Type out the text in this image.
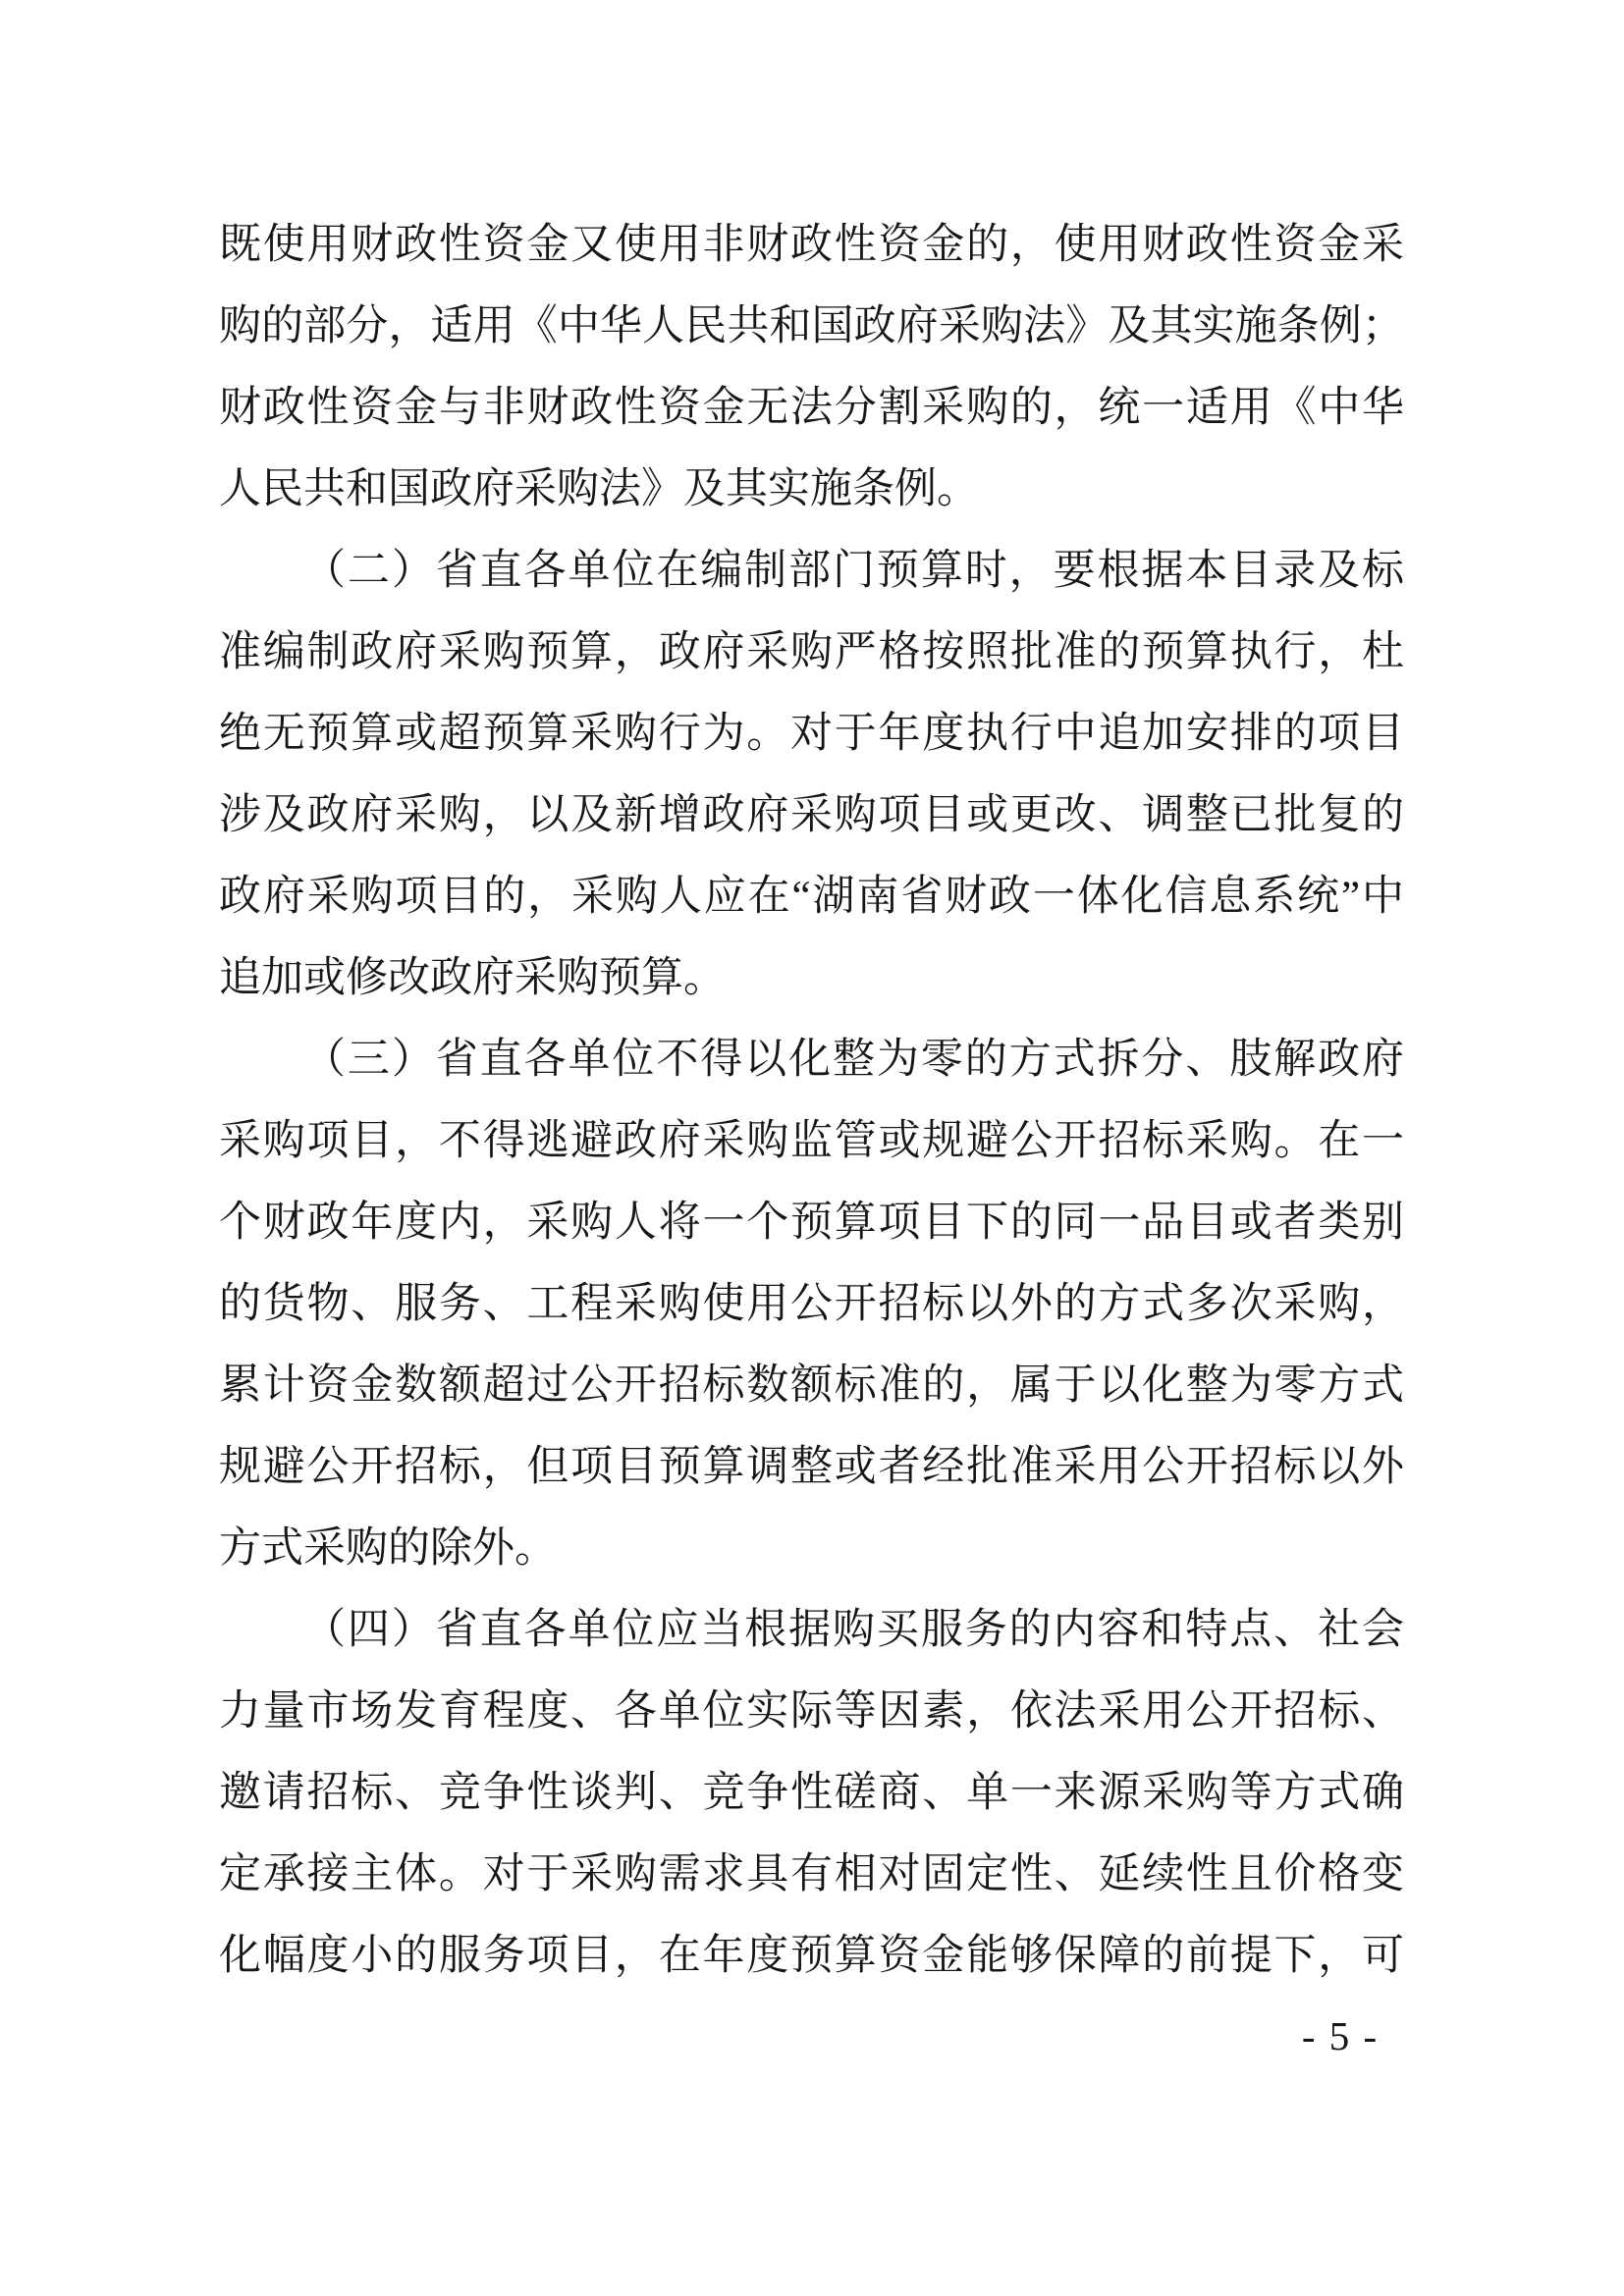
既使用财政性资金又使用非财政性资金的，使用财政性资金采
购的部分，适用《中华人民共和国政府采购法》及其实施条例；
财政性资金与非财政性资金无法分割采购的，统一适用《中华
人民共和国政府采购法》及其实施条例。
（二）省直各单位在编制部门预算时，要根据本目录及标
准编制政府采购预算，政府采购严格按照批准的预算执行，杜
绝无预算或超预算采购行为。对于年度执行中追加安排的项目
涉及政府采购，以及新增政府采购项目或更改、调整已批复的
政府采购项目的，采购人应在“湖南省财政一体化信息系统”中
追加或修改政府采购预算。
（三）省直各单位不得以化整为零的方式拆分、肢解政府
采购项目，不得逃避政府采购监管或规避公开招标采购。在一
个财政年度内，采购人将一个预算项目下的同一品目或者类别
的货物、服务、工程采购使用公开招标以外的方式多次采购，
累计资金数额超过公开招标数额标准的，属于以化整为零方式
规避公开招标，但项目预算调整或者经批准采用公开招标以外
方式采购的除外。
（四）省直各单位应当根据购买服务的内容和特点、社会
力量市场发育程度、各单位实际等因素，依法采用公开招标、
邀请招标、竞争性谈判、竞争性磋商、单一来源采购等方式确
定承接主体。对于采购需求具有相对固定性、延续性且价格变
化幅度小的服务项目，在年度预算资金能够保障的前提下，可
- 5 -
